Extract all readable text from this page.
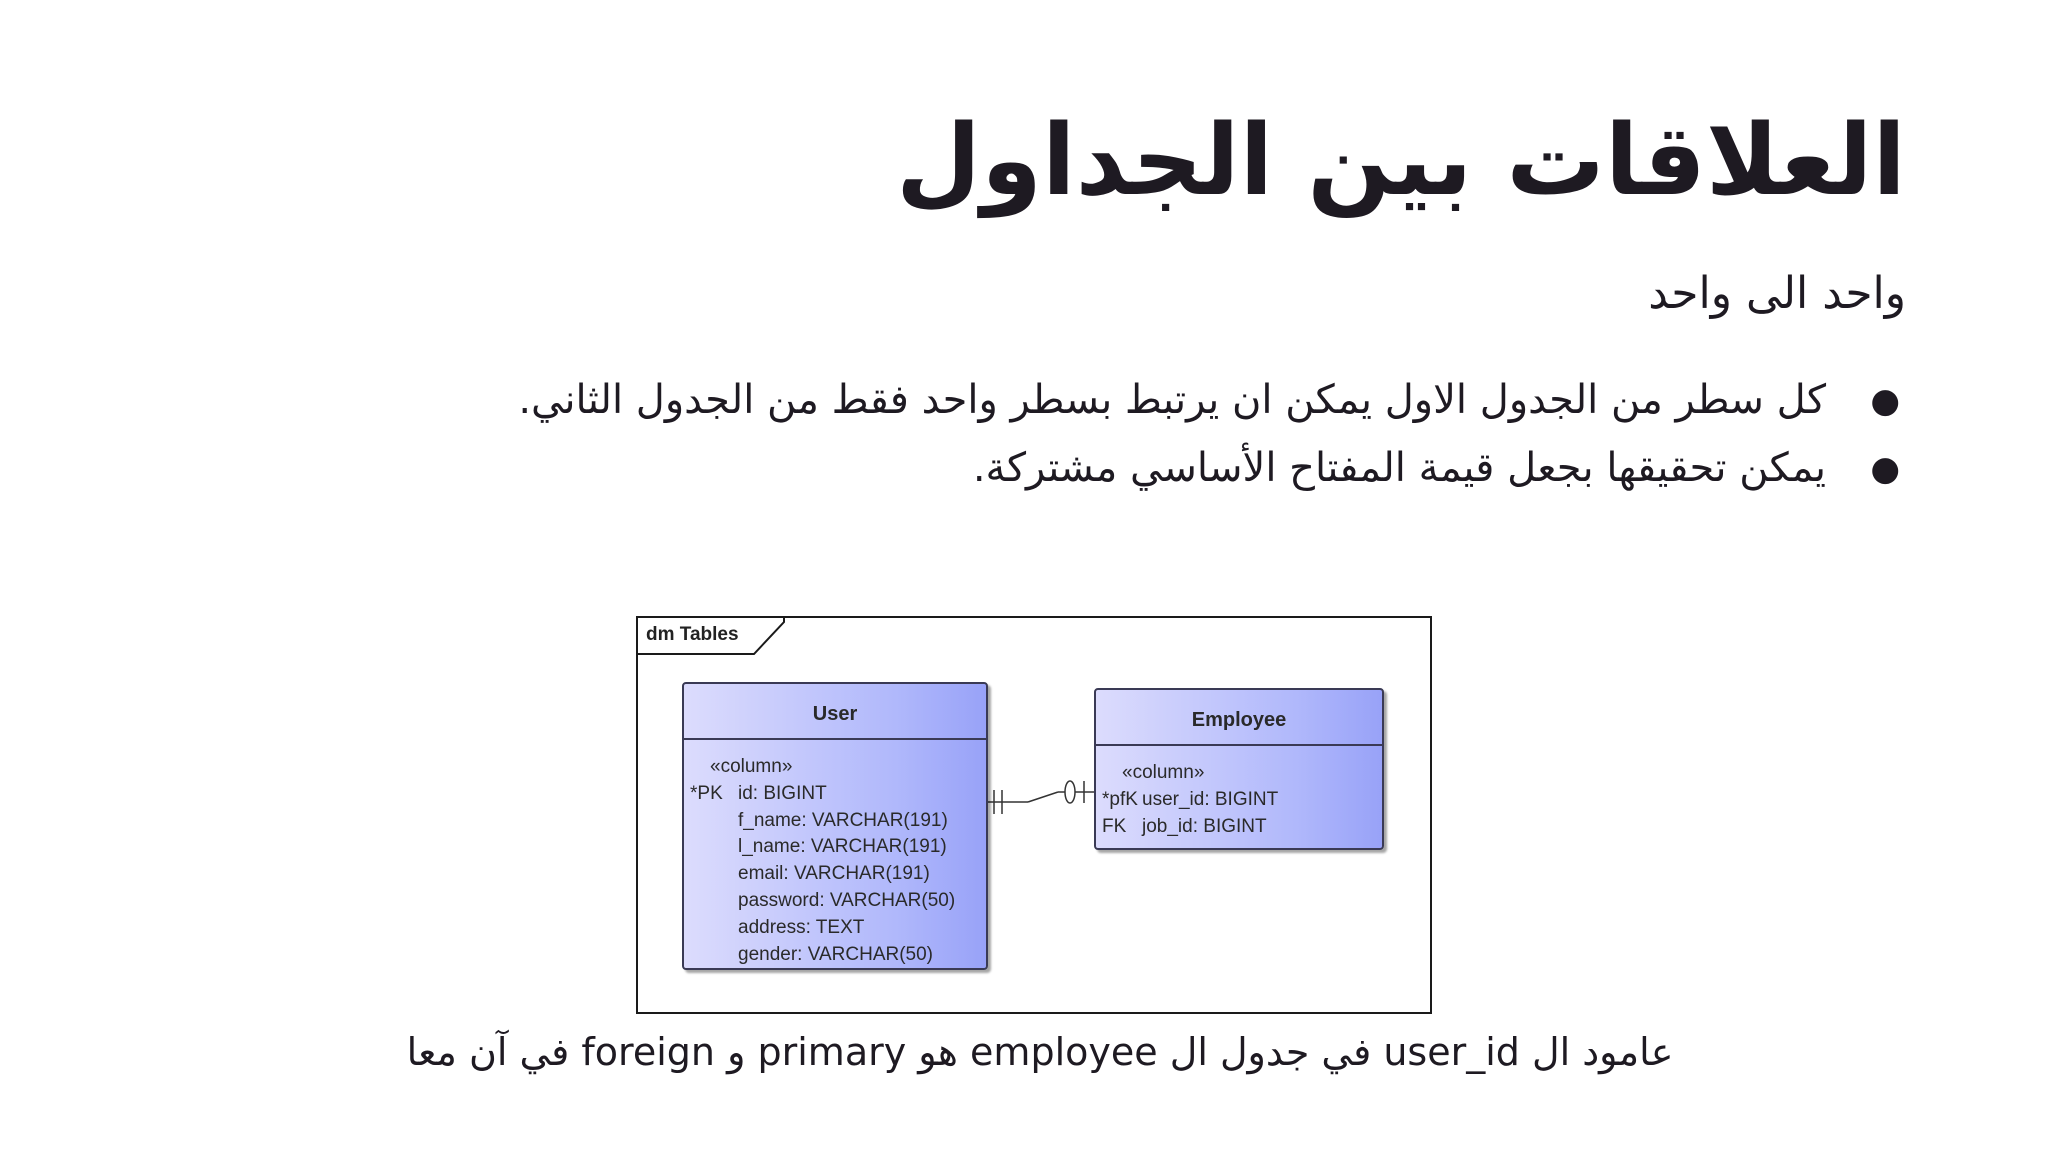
العلاقات بين الجداول
واحد الى واحد
●
كل سطر من الجدول الاول يمكن ان يرتبط بسطر واحد فقط من الجدول الثاني.
●
يمكن تحقيقها بجعل قيمة المفتاح الأساسي مشتركة.
dm Tables
User
«column»
*PK id: BIGINT
f_name: VARCHAR(191)
l_name: VARCHAR(191)
email: VARCHAR(191)
password: VARCHAR(50)
address: TEXT
gender: VARCHAR(50)
Employee
«column»
*pfK user_id: BIGINT
FK job_id: BIGINT
عامود ال user_id في جدول ال employee هو primary و foreign في آن معا
